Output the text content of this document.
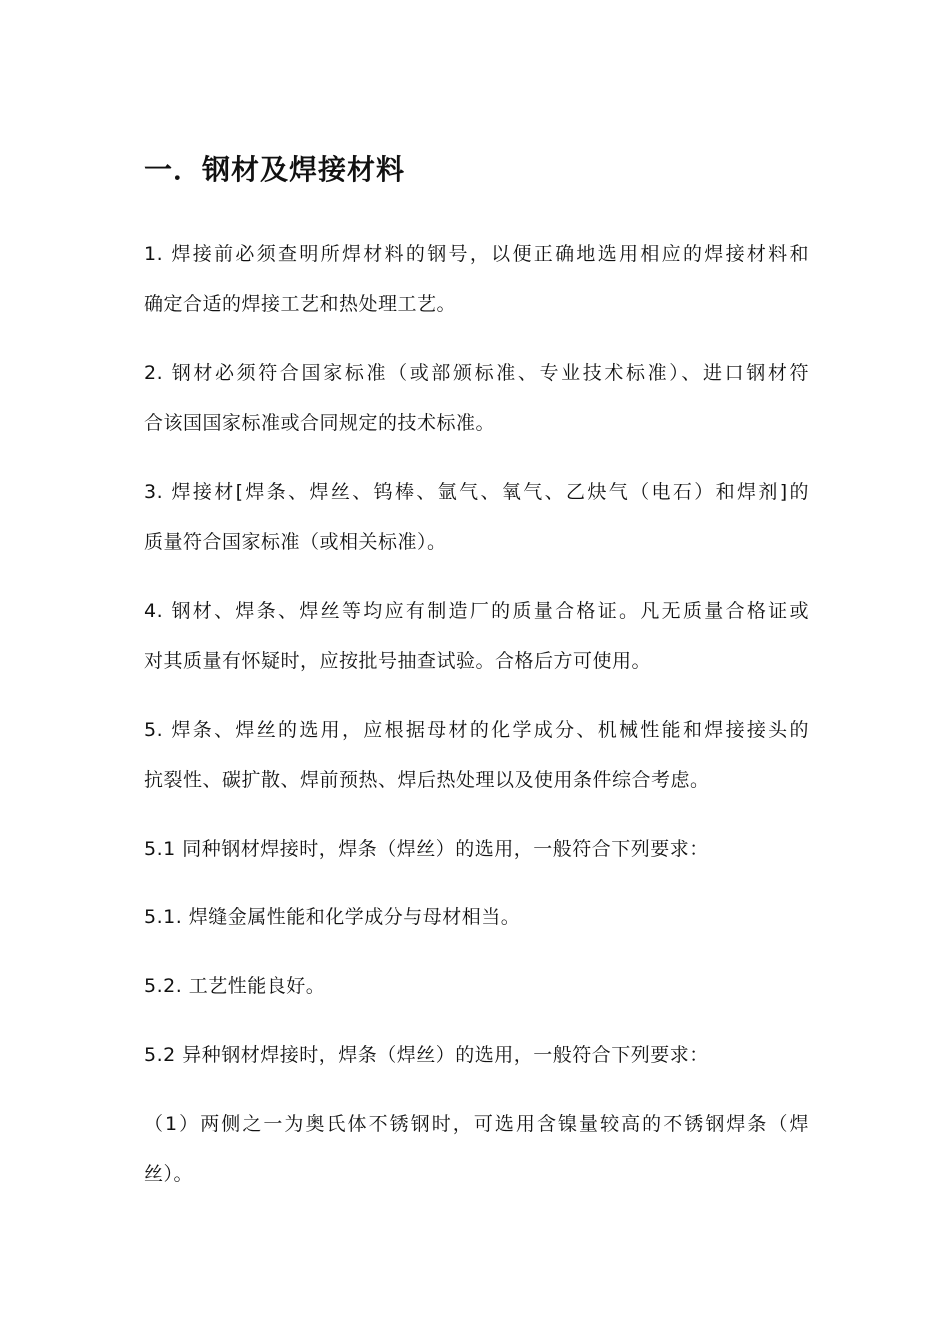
一．钢材及焊接材料
1. 焊接前必须查明所焊材料的钢号，以便正确地选用相应的焊接材料和
确定合适的焊接工艺和热处理工艺。
2. 钢材必须符合国家标准（或部颁标准、专业技术标准）、进口钢材符
合该国国家标准或合同规定的技术标准。
3. 焊接材[焊条、焊丝、钨棒、氩气、氧气、乙炔气（电石）和焊剂]的
质量符合国家标准（或相关标准）。
4. 钢材、焊条、焊丝等均应有制造厂的质量合格证。凡无质量合格证或
对其质量有怀疑时，应按批号抽查试验。合格后方可使用。
5. 焊条、焊丝的选用，应根据母材的化学成分、机械性能和焊接接头的
抗裂性、碳扩散、焊前预热、焊后热处理以及使用条件综合考虑。
5.1 同种钢材焊接时，焊条（焊丝）的选用，一般符合下列要求：
5.1. 焊缝金属性能和化学成分与母材相当。
5.2. 工艺性能良好。
5.2 异种钢材焊接时，焊条（焊丝）的选用，一般符合下列要求：
（1）两侧之一为奥氏体不锈钢时，可选用含镍量较高的不锈钢焊条（焊
丝）。
